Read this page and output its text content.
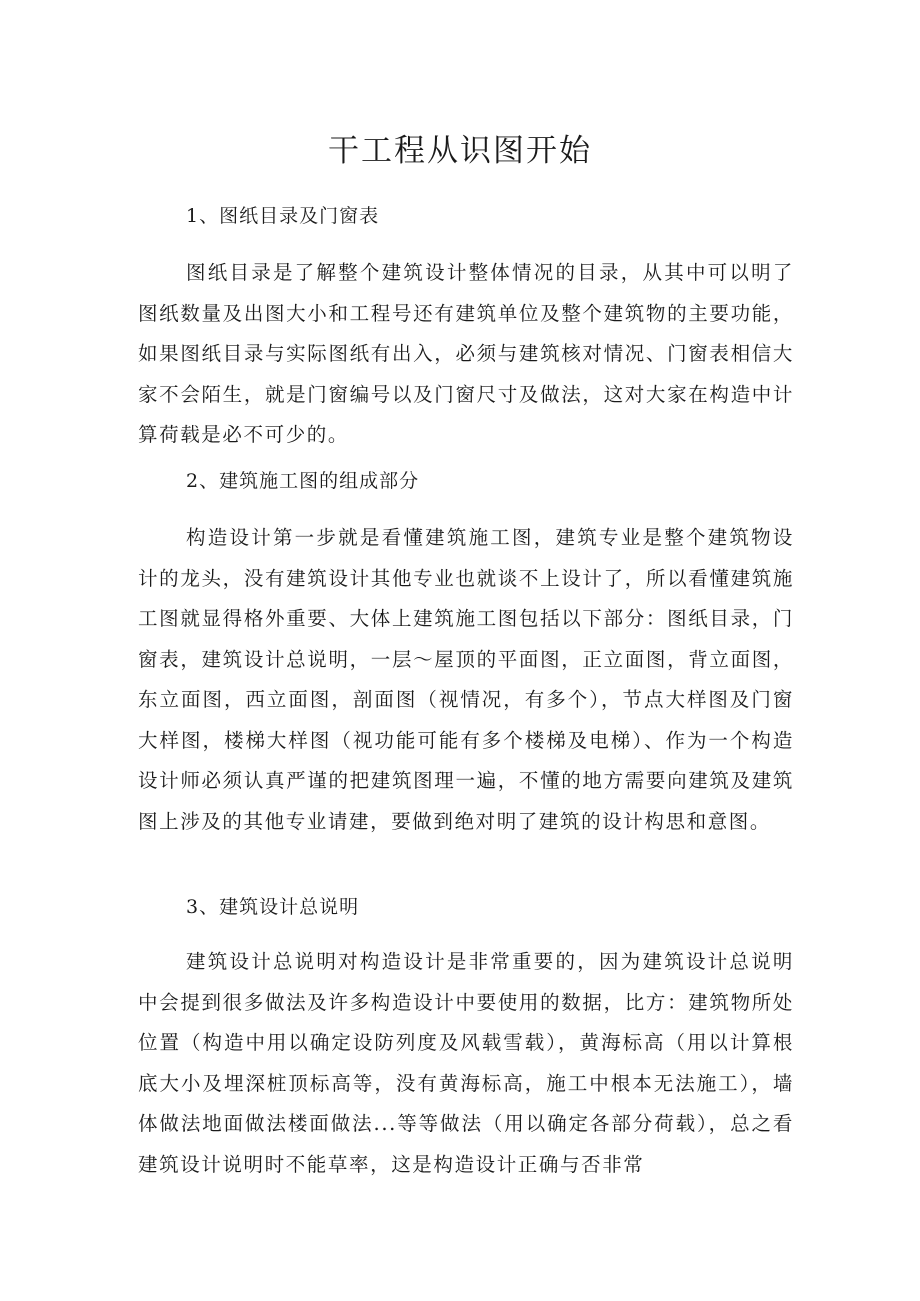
干工程从识图开始

1、图纸目录及门窗表

图纸目录是了解整个建筑设计整体情况的目录，从其中可以明了图纸数量及出图大小和工程号还有建筑单位及整个建筑物的主要功能，如果图纸目录与实际图纸有出入，必须与建筑核对情况、门窗表相信大家不会陌生，就是门窗编号以及门窗尺寸及做法，这对大家在构造中计算荷载是必不可少的。

2、建筑施工图的组成部分

构造设计第一步就是看懂建筑施工图，建筑专业是整个建筑物设计的龙头，没有建筑设计其他专业也就谈不上设计了，所以看懂建筑施工图就显得格外重要、大体上建筑施工图包括以下部分：图纸目录，门窗表，建筑设计总说明，一层～屋顶的平面图，正立面图，背立面图，东立面图，西立面图，剖面图（视情况，有多个），节点大样图及门窗大样图，楼梯大样图（视功能可能有多个楼梯及电梯）、作为一个构造设计师必须认真严谨的把建筑图理一遍，不懂的地方需要向建筑及建筑图上涉及的其他专业请建，要做到绝对明了建筑的设计构思和意图。

3、建筑设计总说明

建筑设计总说明对构造设计是非常重要的，因为建筑设计总说明中会提到很多做法及许多构造设计中要使用的数据，比方：建筑物所处位置（构造中用以确定设防列度及风载雪载），黄海标高（用以计算根底大小及埋深桩顶标高等，没有黄海标高，施工中根本无法施工），墙体做法地面做法楼面做法...等等做法（用以确定各部分荷载），总之看建筑设计说明时不能草率，这是构造设计正确与否非常
